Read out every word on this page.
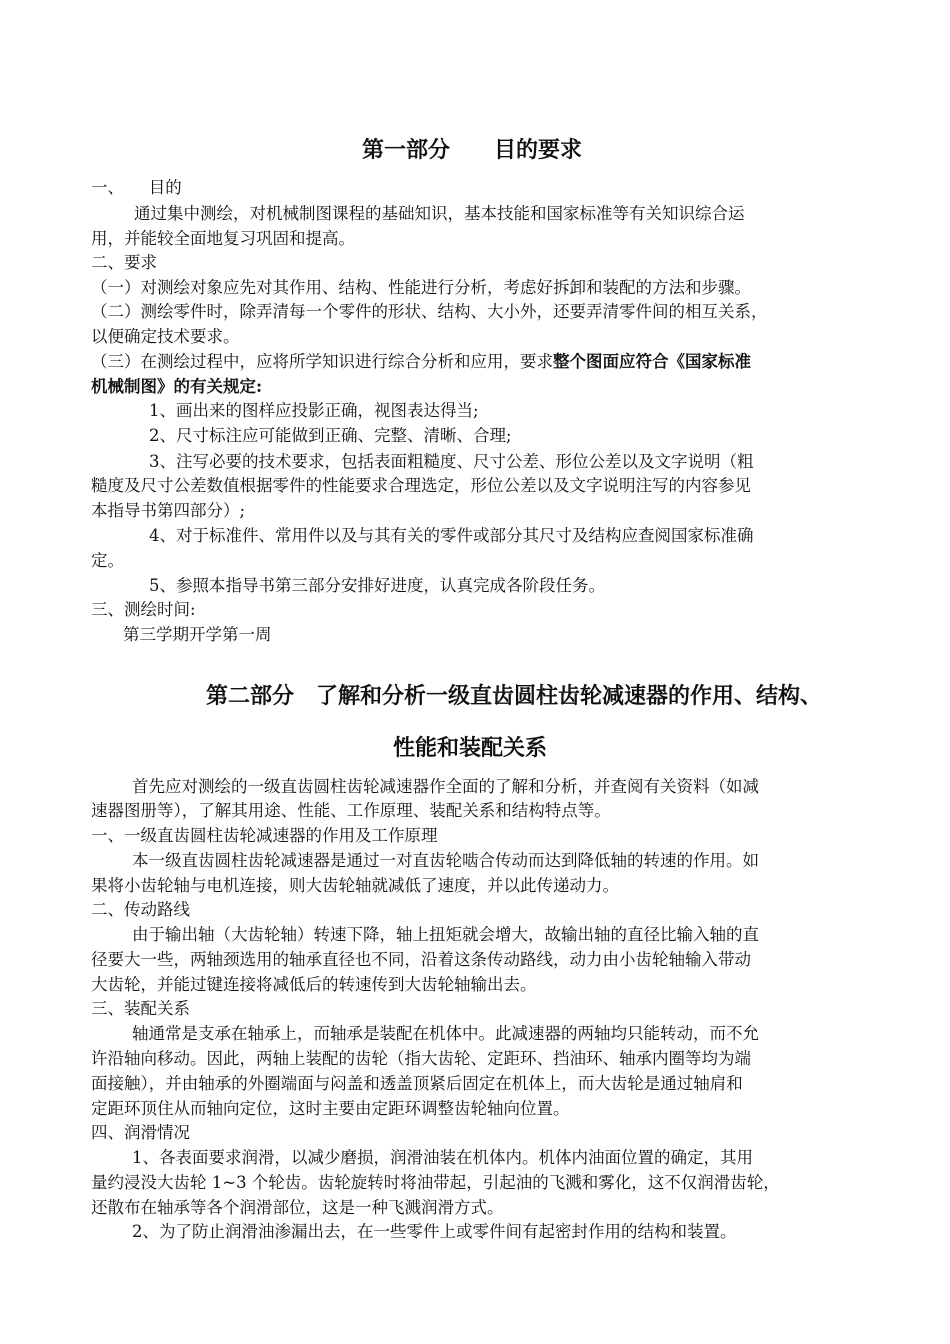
第一部分　　目的要求
一、　　目的
通过集中测绘，对机械制图课程的基础知识，基本技能和国家标准等有关知识综合运
用，并能较全面地复习巩固和提高。
二、要求
（一）对测绘对象应先对其作用、结构、性能进行分析，考虑好拆卸和装配的方法和步骤。
（二）测绘零件时，除弄清每一个零件的形状、结构、大小外，还要弄清零件间的相互关系，
以便确定技术要求。
（三）在测绘过程中，应将所学知识进行综合分析和应用，要求整个图面应符合《国家标准
机械制图》的有关规定:
1、画出来的图样应投影正确，视图表达得当;
2、尺寸标注应可能做到正确、完整、清晰、合理;
3、注写必要的技术要求，包括表面粗糙度、尺寸公差、形位公差以及文字说明（粗
糙度及尺寸公差数值根据零件的性能要求合理选定，形位公差以及文字说明注写的内容参见
本指导书第四部分）;
4、对于标准件、常用件以及与其有关的零件或部分其尺寸及结构应查阅国家标准确
定。
5、参照本指导书第三部分安排好进度，认真完成各阶段任务。
三、测绘时间:
第三学期开学第一周
第二部分　了解和分析一级直齿圆柱齿轮减速器的作用、结构、
性能和装配关系
首先应对测绘的一级直齿圆柱齿轮减速器作全面的了解和分析，并查阅有关资料（如减
速器图册等），了解其用途、性能、工作原理、装配关系和结构特点等。
一、一级直齿圆柱齿轮减速器的作用及工作原理
本一级直齿圆柱齿轮减速器是通过一对直齿轮啮合传动而达到降低轴的转速的作用。如
果将小齿轮轴与电机连接，则大齿轮轴就减低了速度，并以此传递动力。
二、传动路线
由于输出轴（大齿轮轴）转速下降，轴上扭矩就会增大，故输出轴的直径比输入轴的直
径要大一些，两轴颈选用的轴承直径也不同，沿着这条传动路线，动力由小齿轮轴输入带动
大齿轮，并能过键连接将减低后的转速传到大齿轮轴输出去。
三、装配关系
轴通常是支承在轴承上，而轴承是装配在机体中。此减速器的两轴均只能转动，而不允
许沿轴向移动。因此，两轴上装配的齿轮（指大齿轮、定距环、挡油环、轴承内圈等均为端
面接触），并由轴承的外圈端面与闷盖和透盖顶紧后固定在机体上，而大齿轮是通过轴肩和
定距环顶住从而轴向定位，这时主要由定距环调整齿轮轴向位置。
四、润滑情况
1、各表面要求润滑，以减少磨损，润滑油装在机体内。机体内油面位置的确定，其用
量约浸没大齿轮 1~3 个轮齿。齿轮旋转时将油带起，引起油的飞溅和雾化，这不仅润滑齿轮，
还散布在轴承等各个润滑部位，这是一种飞溅润滑方式。
2、为了防止润滑油渗漏出去，在一些零件上或零件间有起密封作用的结构和装置。
